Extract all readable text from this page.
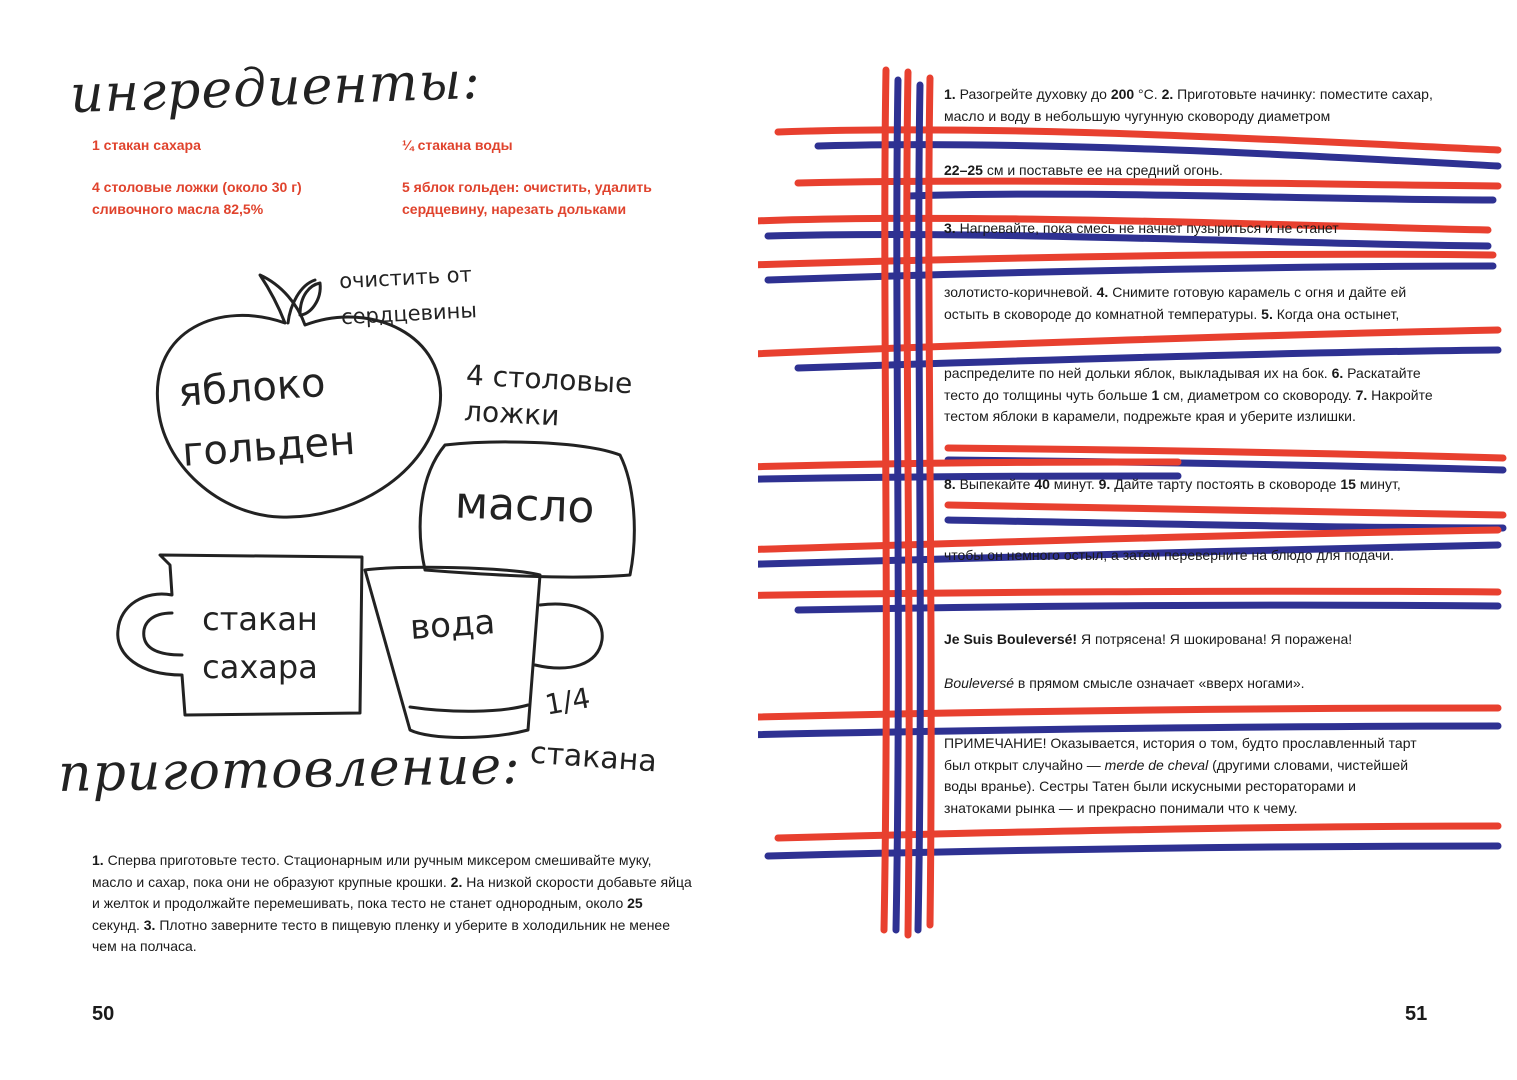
ингредиенты:
1 стакан сахара
4 столовые ложки (около 30 г) сливочного масла 82,5%
¼ стакана воды
5 яблок гольден: очистить, удалить сердцевину, нарезать дольками
очистить от сердцевины
яблоко гольден
4 столовые ложки
масло
стакан сахара
вода
1/4
стакана
приготовление:
1. Сперва приготовьте тесто. Стационарным или ручным миксером смешивайте муку, масло и сахар, пока они не образуют крупные крошки. 2. На низкой скорости добавьте яйца и желток и продолжайте перемешивать, пока тесто не станет однородным, около 25 секунд. 3. Плотно заверните тесто в пищевую пленку и уберите в холодильник не менее чем на полчаса.
50
1. Разогрейте духовку до 200 °C. 2. Приготовьте начинку: поместите сахар, масло и воду в небольшую чугунную сковороду диаметром
22–25 см и поставьте ее на средний огонь.
3. Нагревайте, пока смесь не начнет пузыриться и не станет
золотисто-коричневой. 4. Снимите готовую карамель с огня и дайте ей остыть в сковороде до комнатной температуры. 5. Когда она остынет,
распределите по ней дольки яблок, выкладывая их на бок. 6. Раскатайте тесто до толщины чуть больше 1 см, диаметром со сковороду. 7. Накройте тестом яблоки в карамели, подрежьте края и уберите излишки.
8. Выпекайте 40 минут. 9. Дайте тарту постоять в сковороде 15 минут,
чтобы он немного остыл, а затем переверните на блюдо для подачи.
Je Suis Bouleversé! Я потрясена! Я шокирована! Я поражена!
Bouleversé в прямом смысле означает «вверх ногами».
ПРИМЕЧАНИЕ! Оказывается, история о том, будто прославленный тарт был открыт случайно — merde de cheval (другими словами, чистейшей воды вранье). Сестры Татен были искусными рестораторами и знатоками рынка — и прекрасно понимали что к чему.
51
